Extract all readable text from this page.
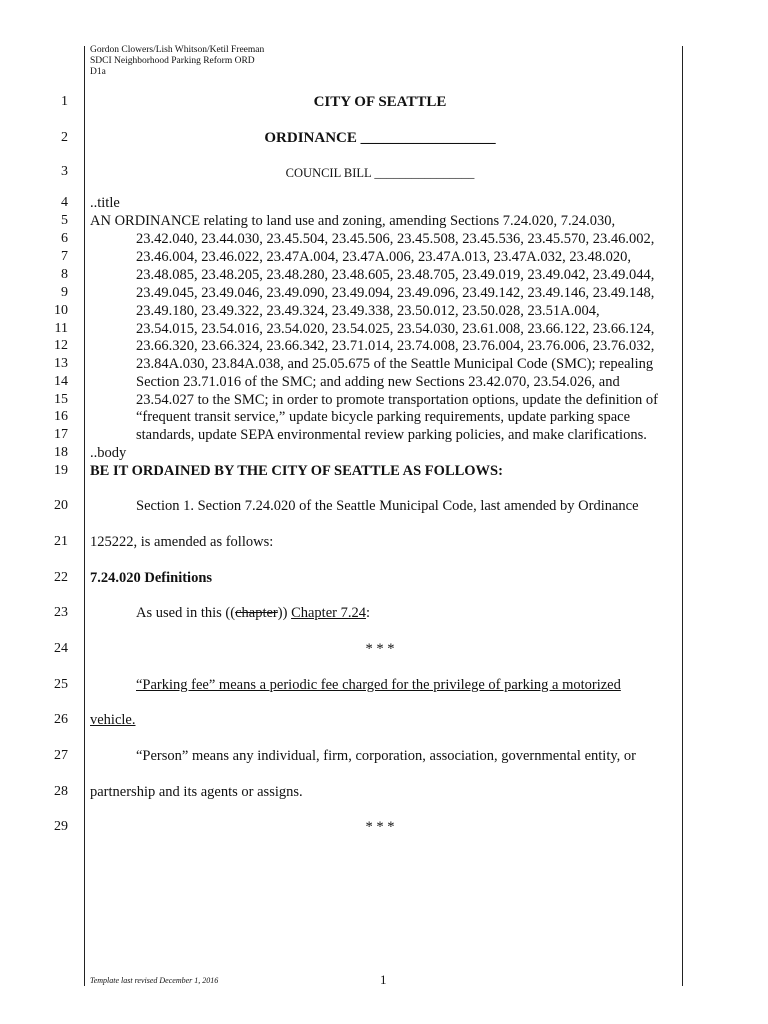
Gordon Clowers/Lish Whitson/Ketil Freeman
SDCI Neighborhood Parking Reform ORD
D1a
1
2
3
4
5
6
7
8
9
10
11
12
13
14
15
16
17
18
19
20
21
22
23
24
25
26
27
28
29
CITY OF SEATTLE
ORDINANCE __________________
COUNCIL BILL ________________
..title
AN ORDINANCE relating to land use and zoning, amending Sections 7.24.020, 7.24.030,
23.42.040, 23.44.030, 23.45.504, 23.45.506, 23.45.508, 23.45.536, 23.45.570, 23.46.002,
23.46.004, 23.46.022, 23.47A.004, 23.47A.006, 23.47A.013, 23.47A.032, 23.48.020,
23.48.085, 23.48.205, 23.48.280, 23.48.605, 23.48.705, 23.49.019, 23.49.042, 23.49.044,
23.49.045, 23.49.046, 23.49.090, 23.49.094, 23.49.096, 23.49.142, 23.49.146, 23.49.148,
23.49.180, 23.49.322, 23.49.324, 23.49.338, 23.50.012, 23.50.028, 23.51A.004,
23.54.015, 23.54.016, 23.54.020, 23.54.025, 23.54.030, 23.61.008, 23.66.122, 23.66.124,
23.66.320, 23.66.324, 23.66.342, 23.71.014, 23.74.008, 23.76.004, 23.76.006, 23.76.032,
23.84A.030, 23.84A.038, and 25.05.675 of the Seattle Municipal Code (SMC); repealing
Section 23.71.016 of the SMC; and adding new Sections 23.42.070, 23.54.026, and
23.54.027 to the SMC; in order to promote transportation options, update the definition of
“frequent transit service,” update bicycle parking requirements, update parking space
standards, update SEPA environmental review parking policies, and make clarifications.
..body
BE IT ORDAINED BY THE CITY OF SEATTLE AS FOLLOWS:
Section 1. Section 7.24.020 of the Seattle Municipal Code, last amended by Ordinance
125222, is amended as follows:
7.24.020 Definitions
As used in this ((chapter)) Chapter 7.24:
* * *
“Parking fee” means a periodic fee charged for the privilege of parking a motorized
vehicle.
“Person” means any individual, firm, corporation, association, governmental entity, or
partnership and its agents or assigns.
* * *
Template last revised December 1, 2016	1
